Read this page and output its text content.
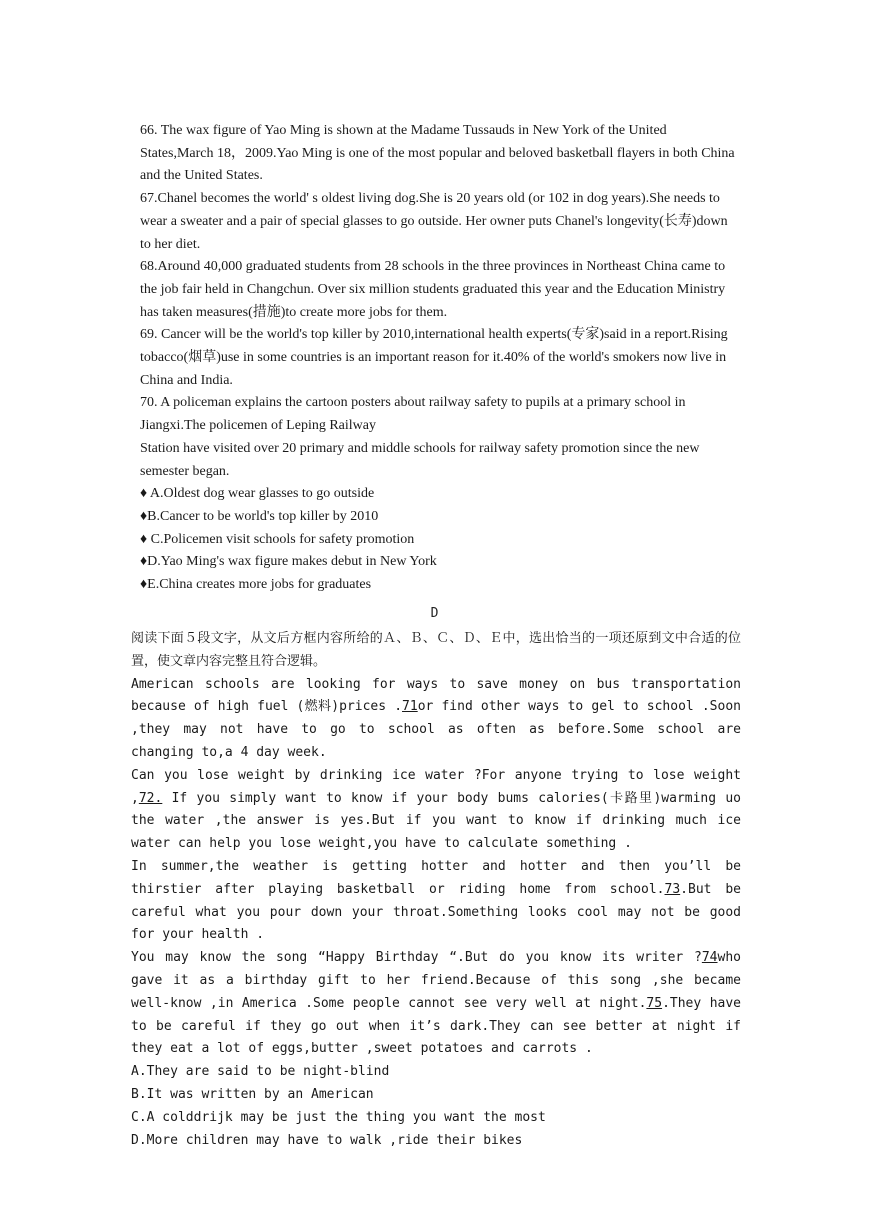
66. The wax figure of Yao Ming is shown at the Madame Tussauds in New York of the United States,March 18，2009.Yao Ming is one of the most popular and beloved basketball flayers in both China and the United States.

67.Chanel becomes the world' s oldest living dog.She is 20 years old (or 102 in dog years).She needs to wear a sweater and a pair of special glasses to go outside. Her owner puts Chanel's longevity(长寿)down to her diet.

68.Around 40,000 graduated students from 28 schools in the three provinces in Northeast China came to the job fair held in Changchun. Over six million students graduated this year and the Education Ministry has taken measures(措施)to create more jobs for them.

69. Cancer will be the world's top killer by 2010,international health experts(专家)said in a report.Rising tobacco(烟草)use in some countries is an important reason for it.40% of the world's smokers now live in China and India.

70. A policeman explains the cartoon posters about railway safety to pupils at a primary school in Jiangxi.The policemen of Leping Railway

Station have visited over 20 primary and middle schools for railway safety promotion since the new semester began.

♦ A.Oldest dog wear glasses to go outside

♦B.Cancer to be world's top killer by 2010

♦ C.Policemen visit schools for safety promotion

♦D.Yao Ming's wax figure makes debut in New York

♦E.China creates more jobs for graduates

D

阅读下面５段文字，从文后方框内容所给的Ａ、Ｂ、Ｃ、Ｄ、Ｅ中，选出恰当的一项还原到文中合适的位置，使文章内容完整且符合逻辑。

American schools are looking for ways to save money on bus transportation because of high fuel (燃料)prices .71or find other ways to gel to school .Soon ,they may not have to go to school as often as before.Some school are changing to,a 4 day week.

Can you lose weight by drinking ice water ?For anyone trying to lose weight ,72. If you simply want to know if your body bums calories(卡路里)warming uo the water ,the answer is yes.But if you want to know if drinking much ice water can help you lose weight,you have to calculate something .

In summer,the weather is getting hotter and hotter and then you’ll be thirstier after playing basketball or riding home from school.73.But be careful what you pour down your throat.Something looks cool may not be good for your health .

You may know the song “Happy Birthday “.But do you know its writer ?74who gave it as a birthday gift to her friend.Because of this song ,she became well-know ,in America .Some people cannot see very well at night.75.They have to be careful if they go out when it’s dark.They can see better at night if they eat a lot of eggs,butter ,sweet potatoes and carrots .

A.They are said to be night-blind

B.It was written by an American

C.A colddrijk may be just the thing you want the most

D.More children may have to walk ,ride their bikes
